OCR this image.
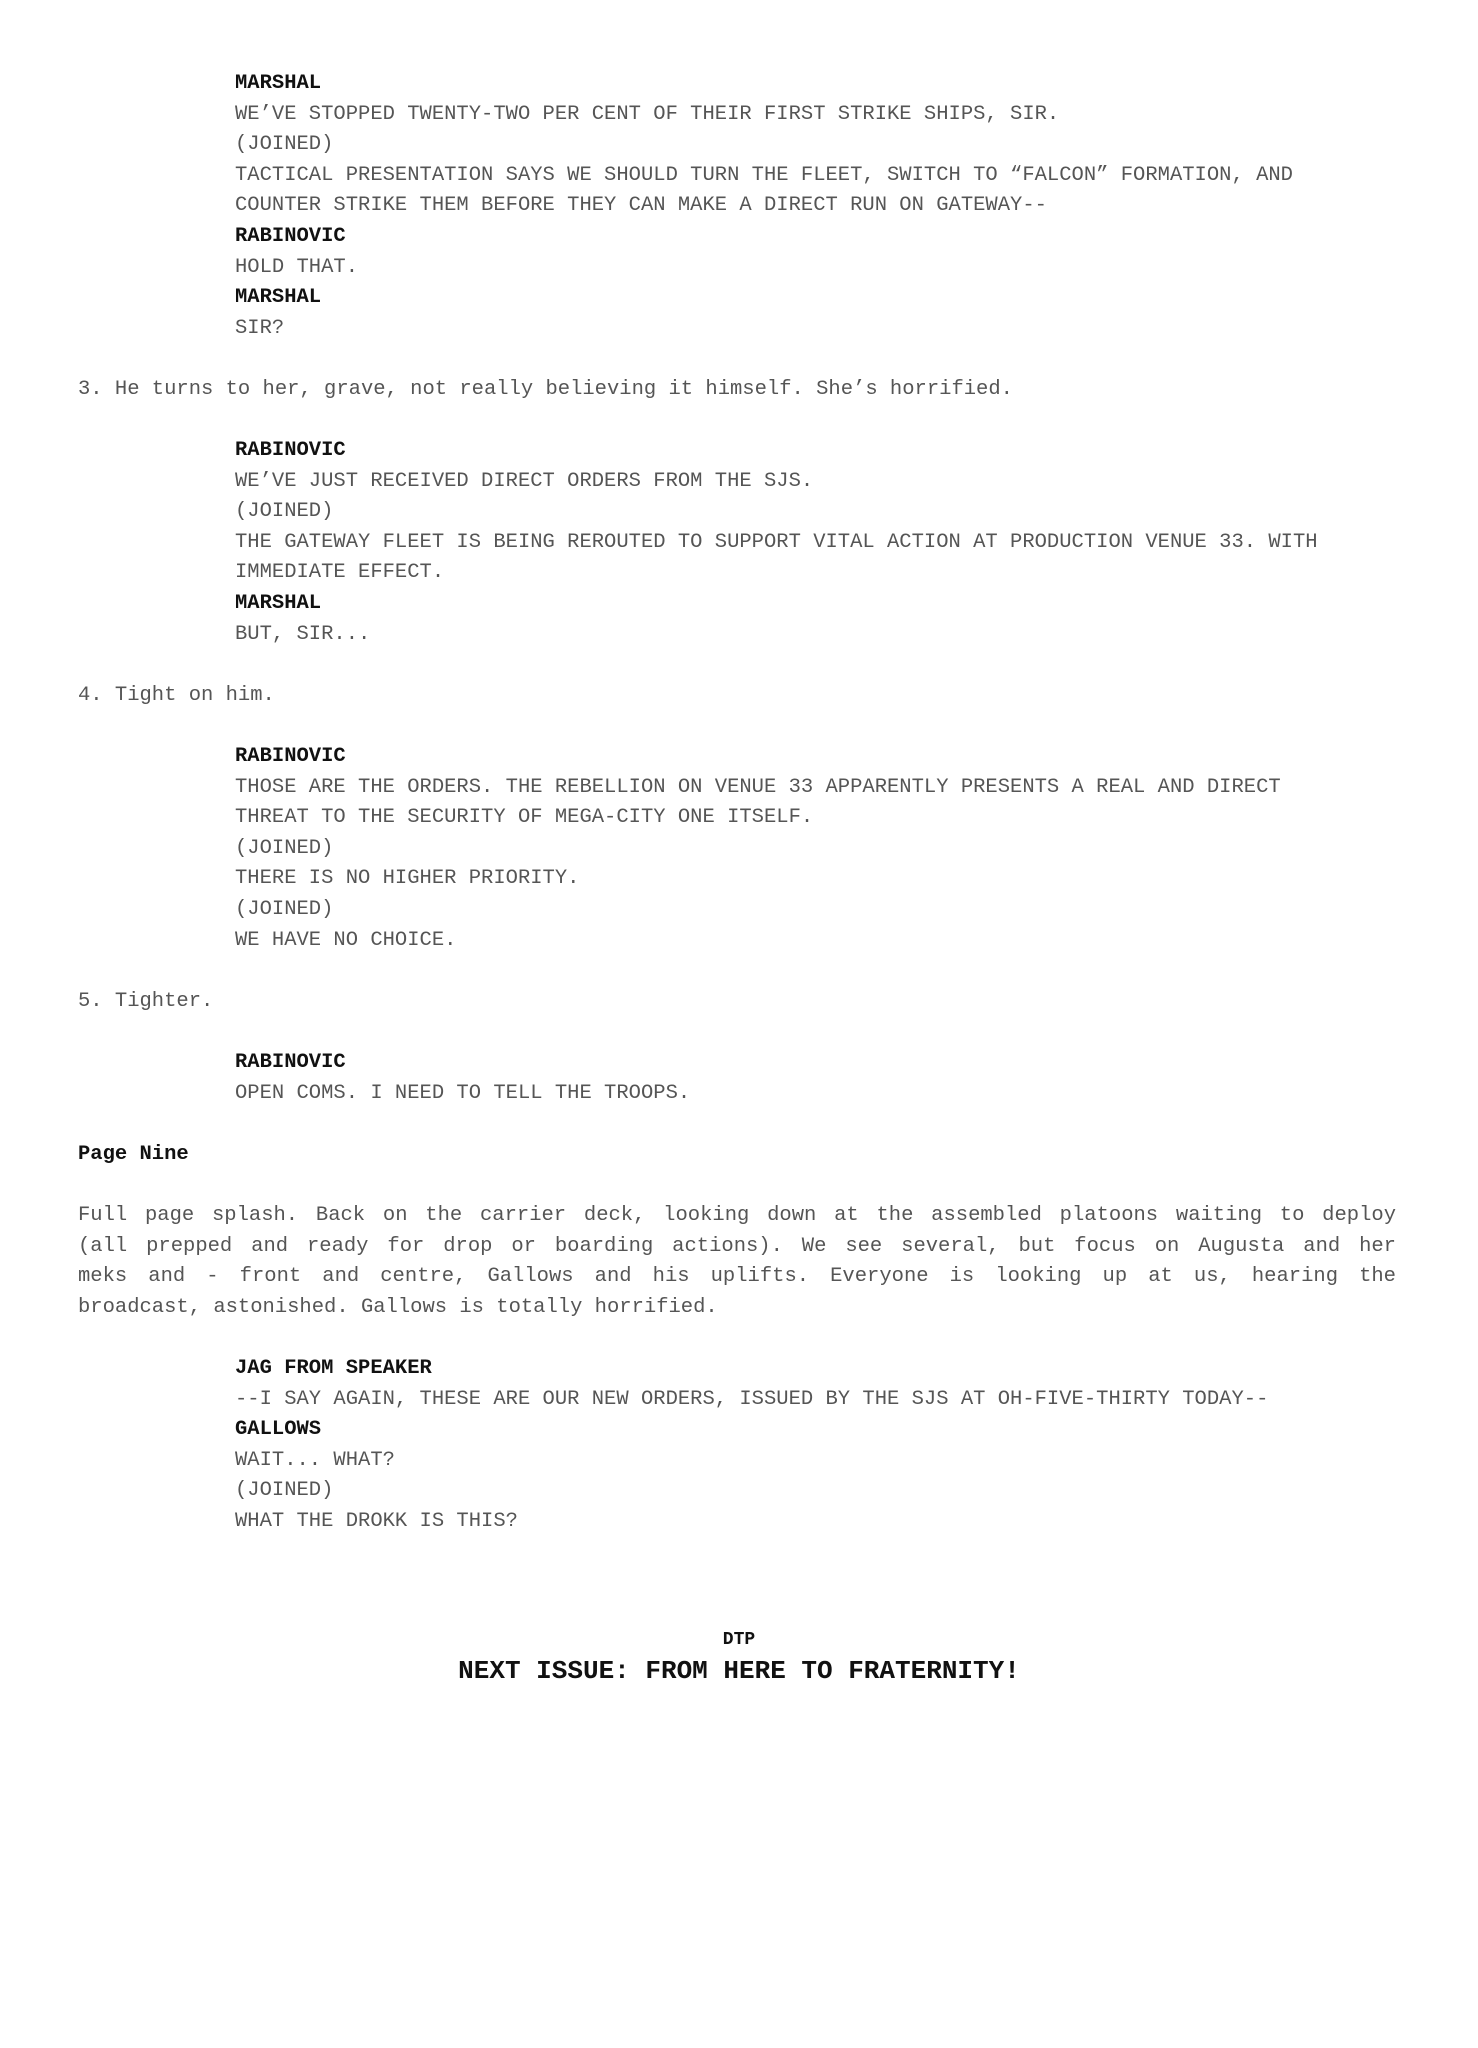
MARSHAL

WE’VE STOPPED TWENTY-TWO PER CENT OF THEIR FIRST STRIKE SHIPS, SIR.

(JOINED)

TACTICAL PRESENTATION SAYS WE SHOULD TURN THE FLEET, SWITCH TO “FALCON” FORMATION, AND

COUNTER STRIKE THEM BEFORE THEY CAN MAKE A DIRECT RUN ON GATEWAY--

RABINOVIC

HOLD THAT.

MARSHAL

SIR?

3. He turns to her, grave, not really believing it himself. She’s horrified.

RABINOVIC

WE’VE JUST RECEIVED DIRECT ORDERS FROM THE SJS.

(JOINED)

THE GATEWAY FLEET IS BEING REROUTED TO SUPPORT VITAL ACTION AT PRODUCTION VENUE 33. WITH

IMMEDIATE EFFECT.

MARSHAL

BUT, SIR...

4. Tight on him.

RABINOVIC

THOSE ARE THE ORDERS. THE REBELLION ON VENUE 33 APPARENTLY PRESENTS A REAL AND DIRECT

THREAT TO THE SECURITY OF MEGA-CITY ONE ITSELF.

(JOINED)

THERE IS NO HIGHER PRIORITY.

(JOINED)

WE HAVE NO CHOICE.

5. Tighter.

RABINOVIC

OPEN COMS. I NEED TO TELL THE TROOPS.

Page Nine

Full page splash. Back on the carrier deck, looking down at the assembled platoons waiting to deploy

(all prepped and ready for drop or boarding actions). We see several, but focus on Augusta and her

meks and - front and centre, Gallows and his uplifts. Everyone is looking up at us, hearing the

broadcast, astonished. Gallows is totally horrified.

JAG FROM SPEAKER

--I SAY AGAIN, THESE ARE OUR NEW ORDERS, ISSUED BY THE SJS AT OH-FIVE-THIRTY TODAY--

GALLOWS

WAIT... WHAT?

(JOINED)

WHAT THE DROKK IS THIS?

DTP
NEXT ISSUE: FROM HERE TO FRATERNITY!
